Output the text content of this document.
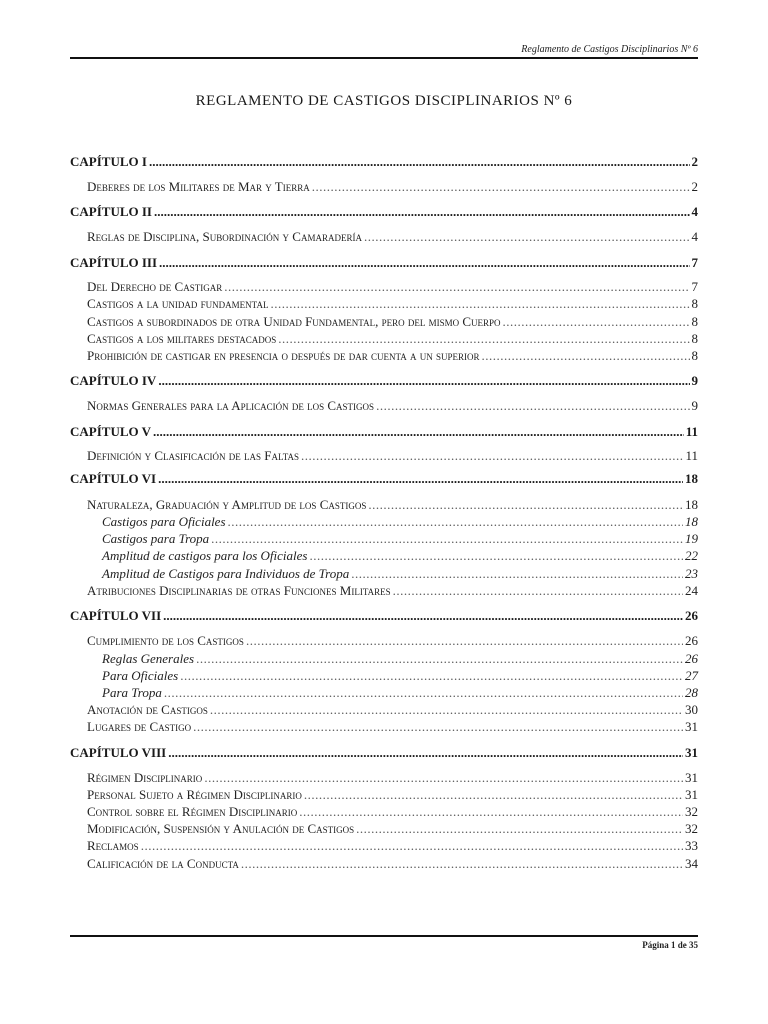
Reglamento de Castigos Disciplinarios Nº 6
REGLAMENTO DE CASTIGOS DISCIPLINARIOS Nº 6
CAPÍTULO I .....	2
Deberes de los Militares de Mar y Tierra .....	2
CAPÍTULO II .....	4
Reglas de Disciplina, Subordinación y Camaradería .....	4
CAPÍTULO III .....	7
Del Derecho de Castigar .....	7
Castigos a la unidad fundamental .....	8
Castigos a subordinados de otra Unidad Fundamental, pero del mismo Cuerpo .....	8
Castigos a los militares destacados .....	8
Prohibición de castigar en presencia o después de dar cuenta a un superior .....	8
CAPÍTULO IV .....	9
Normas Generales para la Aplicación de los Castigos .....	9
CAPÍTULO V .....	11
Definición y Clasificación de las Faltas .....	11
CAPÍTULO VI .....	18
Naturaleza, Graduación y Amplitud de los Castigos .....	18
Castigos para Oficiales .....	18
Castigos para Tropa .....	19
Amplitud de castigos para los Oficiales .....	22
Amplitud de Castigos para Individuos de Tropa .....	23
Atribuciones Disciplinarias de otras Funciones Militares .....	24
CAPÍTULO VII .....	26
Cumplimiento de los Castigos .....	26
Reglas Generales .....	26
Para Oficiales .....	27
Para Tropa .....	28
Anotación de Castigos .....	30
Lugares de Castigo .....	31
CAPÍTULO VIII .....	31
Régimen Disciplinario .....	31
Personal Sujeto a Régimen Disciplinario .....	31
Control sobre el Régimen Disciplinario .....	32
Modificación, Suspensión y Anulación de Castigos .....	32
Reclamos .....	33
Calificación de la Conducta .....	34
Página 1 de 35
